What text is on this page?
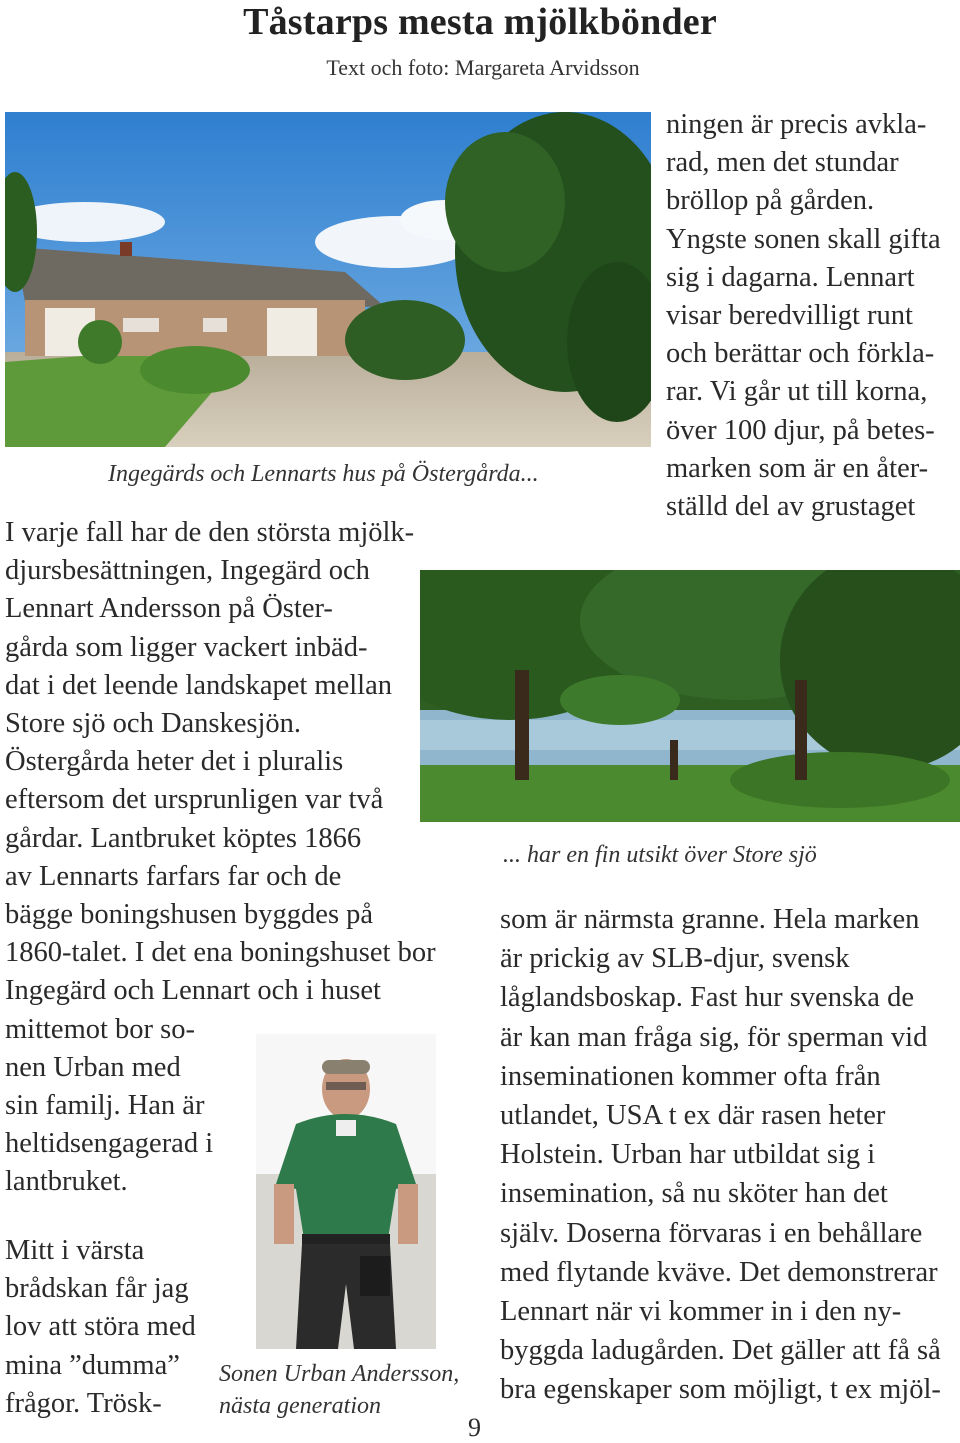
Tåstarps mesta mjölkbönder
Text och foto: Margareta Arvidsson
Ingegärds och Lennarts hus på Östergårda...
ningen är precis avkla-
rad, men det stundar
bröllop på gården.
Yngste sonen skall gifta
sig i dagarna. Lennart
visar beredvilligt runt
och berättar och förkla-
rar. Vi går ut till korna,
över 100 djur, på betes-
marken som är en åter-
ställd del av grustaget
... har en fin utsikt över Store sjö
I varje fall har de den största mjölk-
djursbesättningen, Ingegärd och
Lennart Andersson på Öster-
gårda som ligger vackert inbäd-
dat i det leende landskapet mellan
Store sjö och Danskesjön.
Östergårda heter det i pluralis
eftersom det ursprunligen var två
gårdar. Lantbruket köptes 1866
av Lennarts farfars far och de
bägge boningshusen byggdes på
1860-talet. I det ena boningshuset bor
Ingegärd och Lennart och i huset
mittemot bor so-
nen Urban med
sin familj. Han är
heltidsengagerad i
lantbruket.
Mitt i värsta
brådskan får jag
lov att störa med
mina ”dumma”
frågor. Trösk-
Sonen Urban Andersson,
nästa generation
som är närmsta granne. Hela marken
är prickig av SLB-djur, svensk
låglandsboskap. Fast hur svenska de
är kan man fråga sig, för sperman vid
inseminationen kommer ofta från
utlandet, USA t ex där rasen heter
Holstein. Urban har utbildat sig i
insemination, så nu sköter han det
själv. Doserna förvaras i en behållare
med flytande kväve. Det demonstrerar
Lennart när vi kommer in i den ny-
byggda ladugården. Det gäller att få så
bra egenskaper som möjligt, t ex mjöl-
9
